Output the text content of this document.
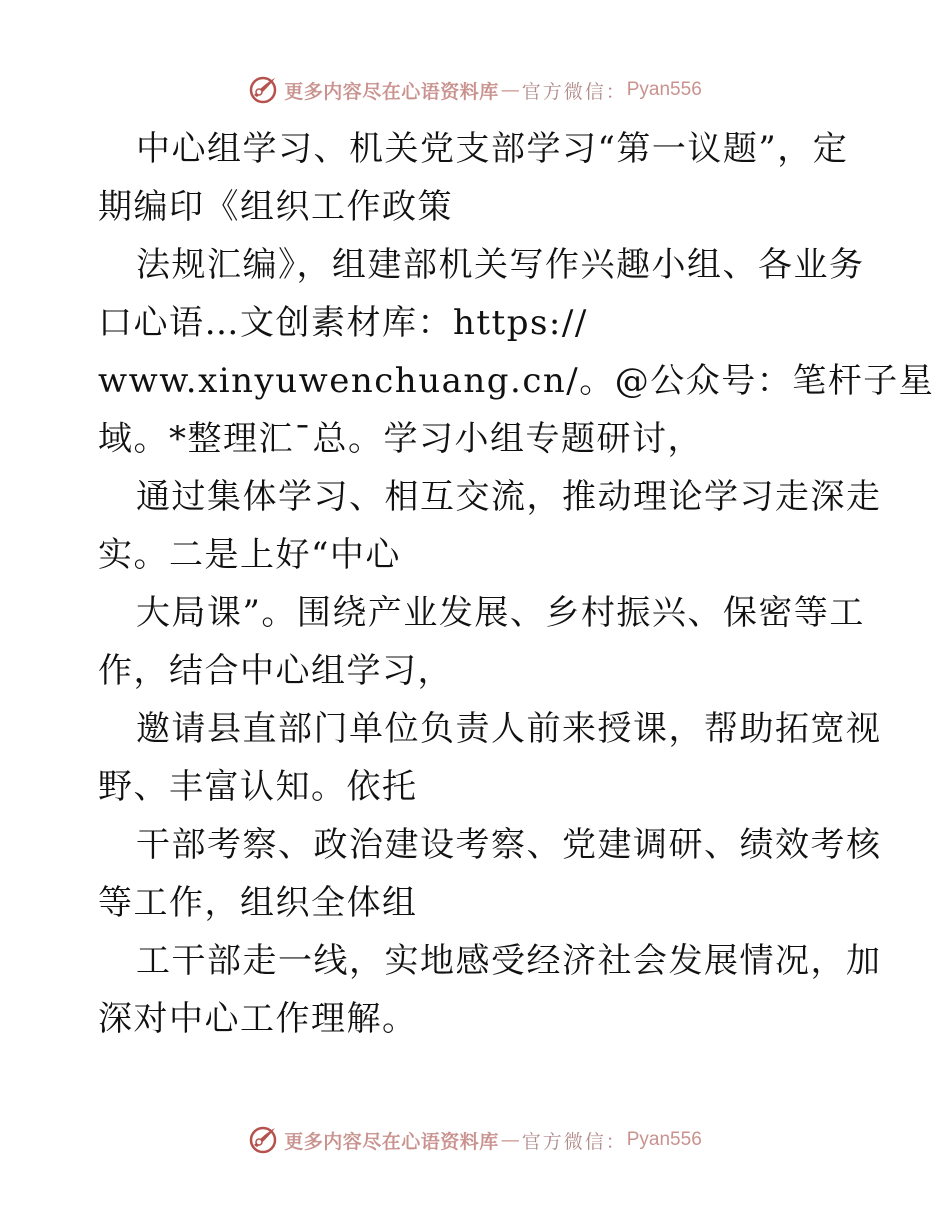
更多内容尽在心语资料库 — 官方微信： Pyan556
中心组学习、机关党支部学习“第一议题”，定
期编印《组织工作政策
法规汇编》，组建部机关写作兴趣小组、各业务
口心语…文创素材库：https://
www.xinyuwenchuang.cn/。@公众号：笔杆子星
域。*整理汇¯总。学习小组专题研讨，
通过集体学习、相互交流，推动理论学习走深走
实。二是上好“中心
大局课”。围绕产业发展、乡村振兴、保密等工
作，结合中心组学习，
邀请县直部门单位负责人前来授课，帮助拓宽视
野、丰富认知。依托
干部考察、政治建设考察、党建调研、绩效考核
等工作，组织全体组
工干部走一线，实地感受经济社会发展情况，加
深对中心工作理解。
更多内容尽在心语资料库 — 官方微信： Pyan556
